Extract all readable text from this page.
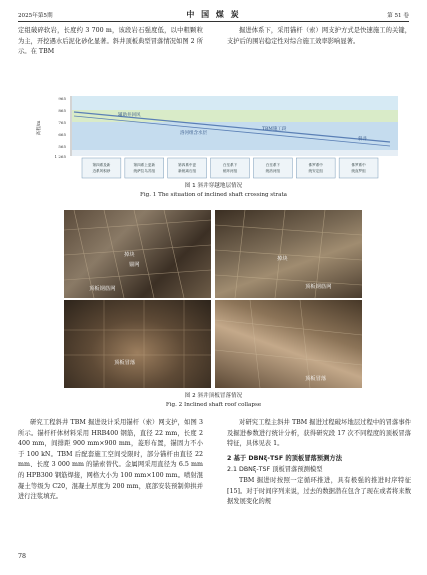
2025年第5期	中 国 煤 炭	第 51 卷

定组破碎软岩，长度约 3 700 m，该段岩石强度低，以中粗颗粒为主，开挖遇水后泥化砂化显著。斜井顶板典型冒落情况如图 2 所示。在 TBM

掘进体系下，采用锚杆（索）网支护方式是快速施工的关键，支护后的围岩稳定性对综合施工效率影响显著。

965
865
765
665
565
1 265
高程/m
辅助井回风
TBM施工段
斜井
洛河组含水层
第四系及新
近系风积砂
第四系上更新
统萨拉乌苏组
第四系中更
新统离石组
白垩系下
统环河组
白垩系下
统洛河组
侏罗系中
统安定组
侏罗系中
统直罗组
图 1 斜井穿越地层情况
Fig. 1 The situation of inclined shaft crossing strata
掉块
锚网
顶板钢筋网
掉块
顶板钢筋网
顶板冒落
顶板冒落
图 2 斜井顶板冒落情况
Fig. 2 Inclined shaft roof collapse

研究工程斜井 TBM 掘进设计采用锚杆（索）网支护，如图 3 所示。锚杆杆体材料采用 HRB400 钢筋，直径 22 mm，长度 2 400 mm，间排距 900 mm×900 mm，菱形布置，锚固力不小于 100 kN。TBM 后配套施工空间受限时，部分锚杆由直径 22 mm、长度 3 000 mm 的锚索替代。金属网采用直径为 6.5 mm 的 HPB300 钢筋焊接，网格大小为 100 mm×100 mm。喷射混凝土等级为 C20，混凝土厚度为 200 mm，底部安装预制仰拱并进行注浆填充。

对研究工程主斜井 TBM 掘进过程破坏地层过程中的冒落事件及掘进参数进行统计分析，获得研究段 17 次不同程度的顶板冒落特征，具体见表 1。

2 基于 DBNξ-TSF 的顶板冒落预测方法
2.1 DBNξ-TSF 顶板冒落预测模型

TBM 掘进时按照一定循环推进，具有极强的推进时序特征[15]。对于时间序列来说，过去的数据潜在包含了现在或者将来数据发展变化的规

78
